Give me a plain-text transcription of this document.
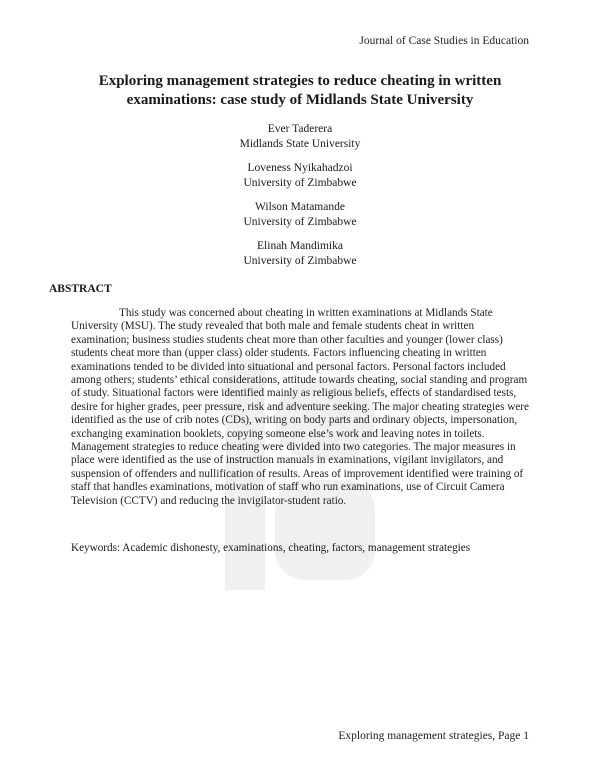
Journal of Case Studies in Education

Exploring management strategies to reduce cheating in written
examinations: case study of Midlands State University
Ever Taderera
Midlands State University
Loveness Nyikahadzoi
University of Zimbabwe
Wilson Matamande
University of Zimbabwe
Elinah Mandimika
University of Zimbabwe
ABSTRACT

This study was concerned about cheating in written examinations at Midlands State University (MSU). The study revealed that both male and female students cheat in written examination; business studies students cheat more than other faculties and younger (lower class) students cheat more than (upper class) older students. Factors influencing cheating in written examinations tended to be divided into situational and personal factors. Personal factors included among others; students’ ethical considerations, attitude towards cheating, social standing and program of study. Situational factors were identified mainly as religious beliefs, effects of standardised tests, desire for higher grades, peer pressure, risk and adventure seeking. The major cheating strategies were identified as the use of crib notes (CDs), writing on body parts and ordinary objects, impersonation, exchanging examination booklets, copying someone else’s work and leaving notes in toilets. Management strategies to reduce cheating were divided into two categories. The major measures in place were identified as the use of instruction manuals in examinations, vigilant invigilators, and suspension of offenders and nullification of results. Areas of improvement identified were training of staff that handles examinations, motivation of staff who run examinations, use of Circuit Camera Television (CCTV) and reducing the invigilator-student ratio.

Keywords: Academic dishonesty, examinations, cheating, factors, management strategies

Exploring management strategies, Page 1
